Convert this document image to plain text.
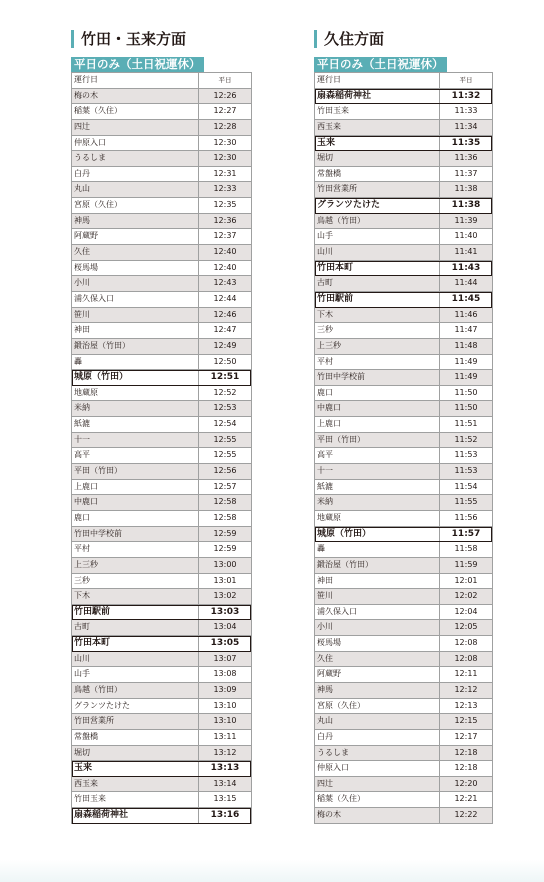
竹田・玉来方面
平日のみ（土日祝運休）
運行日	平日
梅の木	12:26
稲葉（久住）	12:27
四辻	12:28
仲原入口	12:30
うるしま	12:30
白丹	12:31
丸山	12:33
宮原（久住）	12:35
神馬	12:36
阿蔵野	12:37
久住	12:40
桜馬場	12:40
小川	12:43
浦久保入口	12:44
笹川	12:46
神田	12:47
鍛治屋（竹田）	12:49
轟	12:50
城原（竹田）	12:51
地蔵原	12:52
米納	12:53
紙漉	12:54
十一	12:55
高平	12:55
平田（竹田）	12:56
上鹿口	12:57
中鹿口	12:58
鹿口	12:58
竹田中学校前	12:59
平村	12:59
上三秒	13:00
三秒	13:01
下木	13:02
竹田駅前	13:03
古町	13:04
竹田本町	13:05
山川	13:07
山手	13:08
鳥越（竹田）	13:09
グランツたけた	13:10
竹田営業所	13:10
常盤橋	13:11
堀切	13:12
玉来	13:13
西玉来	13:14
竹田玉来	13:15
扇森稲荷神社	13:16
久住方面
平日のみ（土日祝運休）
運行日	平日
扇森稲荷神社	11:32
竹田玉来	11:33
西玉来	11:34
玉来	11:35
堀切	11:36
常盤橋	11:37
竹田営業所	11:38
グランツたけた	11:38
鳥越（竹田）	11:39
山手	11:40
山川	11:41
竹田本町	11:43
古町	11:44
竹田駅前	11:45
下木	11:46
三秒	11:47
上三秒	11:48
平村	11:49
竹田中学校前	11:49
鹿口	11:50
中鹿口	11:50
上鹿口	11:51
平田（竹田）	11:52
高平	11:53
十一	11:53
紙漉	11:54
米納	11:55
地蔵原	11:56
城原（竹田）	11:57
轟	11:58
鍛治屋（竹田）	11:59
神田	12:01
笹川	12:02
浦久保入口	12:04
小川	12:05
桜馬場	12:08
久住	12:08
阿蔵野	12:11
神馬	12:12
宮原（久住）	12:13
丸山	12:15
白丹	12:17
うるしま	12:18
仲原入口	12:18
四辻	12:20
稲葉（久住）	12:21
梅の木	12:22
